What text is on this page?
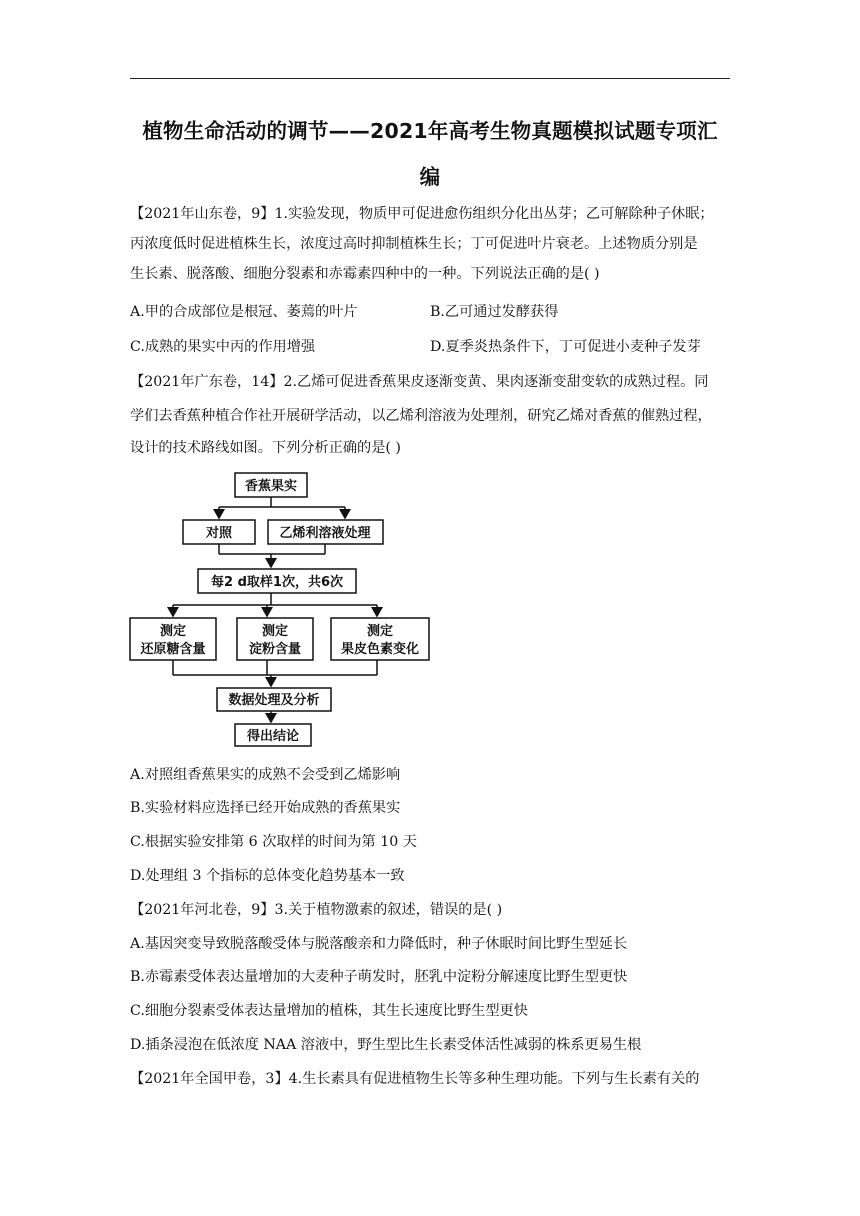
植物生命活动的调节——2021年高考生物真题模拟试题专项汇
编
【2021年山东卷，9】1.实验发现，物质甲可促进愈伤组织分化出丛芽；乙可解除种子休眠；
丙浓度低时促进植株生长，浓度过高时抑制植株生长；丁可促进叶片衰老。上述物质分别是
生长素、脱落酸、细胞分裂素和赤霉素四种中的一种。下列说法正确的是( )
A.甲的合成部位是根冠、萎蔫的叶片	B.乙可通过发酵获得
C.成熟的果实中丙的作用增强	D.夏季炎热条件下，丁可促进小麦种子发芽
【2021年广东卷，14】2.乙烯可促进香蕉果皮逐渐变黄、果肉逐渐变甜变软的成熟过程。同
学们去香蕉种植合作社开展研学活动，以乙烯利溶液为处理剂，研究乙烯对香蕉的催熟过程，
设计的技术路线如图。下列分析正确的是( )
香蕉果实
对照	乙烯利溶液处理
每2 d取样1次，共6次
测定
还原糖含量
测定
淀粉含量
测定
果皮色素变化
数据处理及分析
得出结论
A.对照组香蕉果实的成熟不会受到乙烯影响
B.实验材料应选择已经开始成熟的香蕉果实
C.根据实验安排第 6 次取样的时间为第 10 天
D.处理组 3 个指标的总体变化趋势基本一致
【2021年河北卷，9】3.关于植物激素的叙述，错误的是( )
A.基因突变导致脱落酸受体与脱落酸亲和力降低时，种子休眠时间比野生型延长
B.赤霉素受体表达量增加的大麦种子萌发时，胚乳中淀粉分解速度比野生型更快
C.细胞分裂素受体表达量增加的植株，其生长速度比野生型更快
D.插条浸泡在低浓度 NAA 溶液中，野生型比生长素受体活性减弱的株系更易生根
【2021年全国甲卷，3】4.生长素具有促进植物生长等多种生理功能。下列与生长素有关的
